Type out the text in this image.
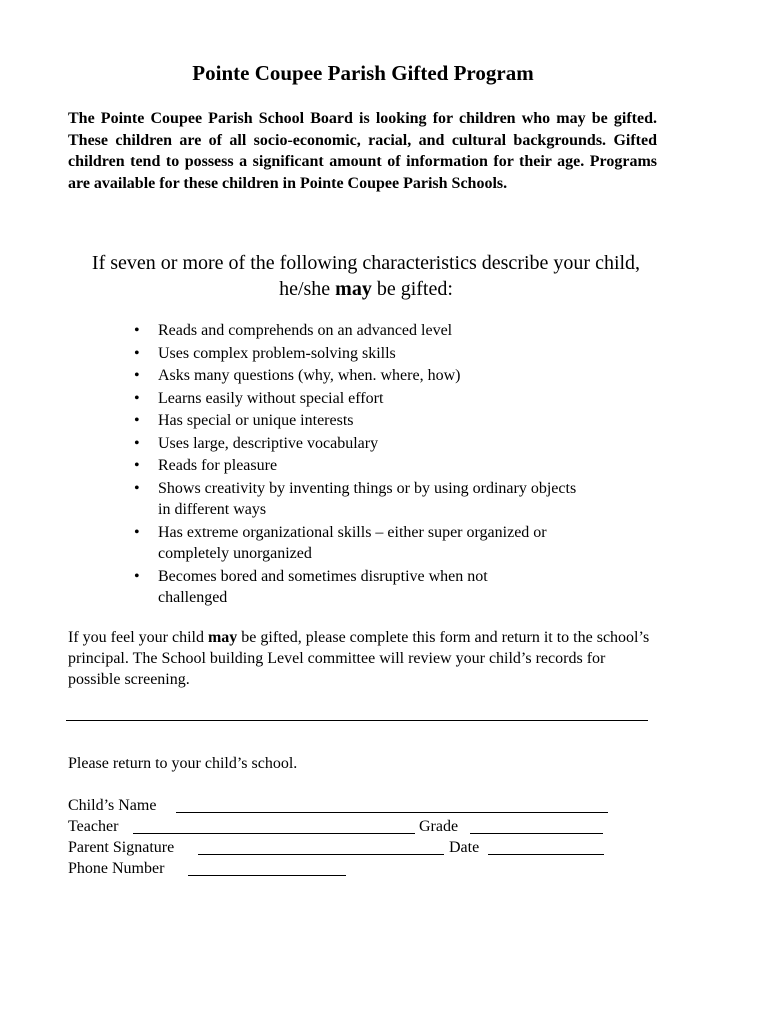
Pointe Coupee Parish Gifted Program
The Pointe Coupee Parish School Board is looking for children who may be gifted. These children are of all socio-economic, racial, and cultural backgrounds. Gifted children tend to possess a significant amount of information for their age. Programs are available for these children in Pointe Coupee Parish Schools.
If seven or more of the following characteristics describe your child,
he/she may be gifted:
• Reads and comprehends on an advanced level
• Uses complex problem-solving skills
• Asks many questions (why, when. where, how)
• Learns easily without special effort
• Has special or unique interests
• Uses large, descriptive vocabulary
• Reads for pleasure
• Shows creativity by inventing things or by using ordinary objects in different ways
• Has extreme organizational skills – either super organized or completely unorganized
• Becomes bored and sometimes disruptive when not challenged
If you feel your child may be gifted, please complete this form and return it to the school’s principal. The School building Level committee will review your child’s records for possible screening.
Please return to your child’s school.
Child’s Name
Teacher	Grade
Parent Signature	Date
Phone Number
